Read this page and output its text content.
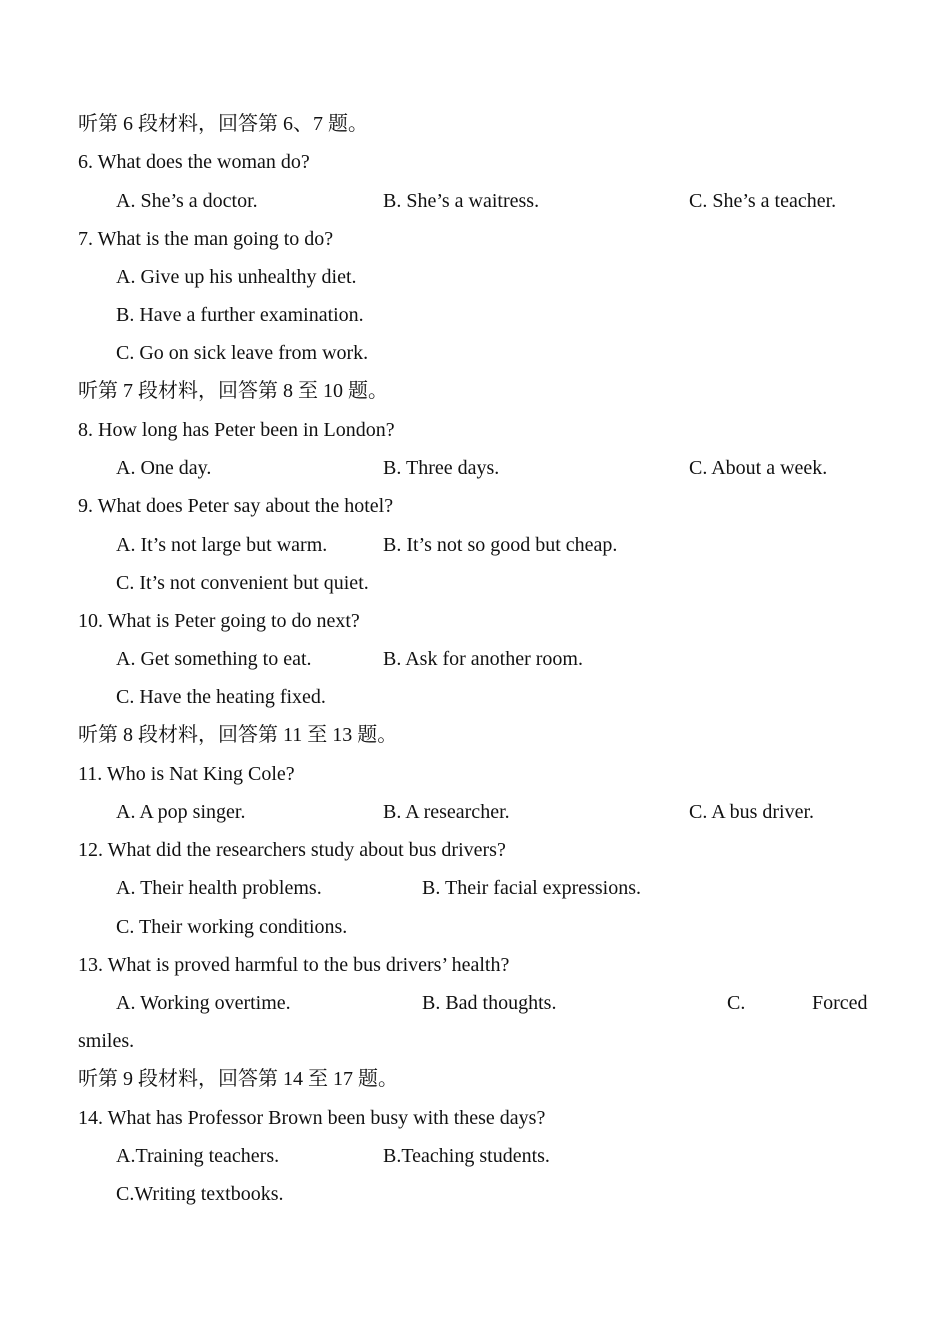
听第 6 段材料，回答第 6、7 题。
6. What does the woman do?
A. She’s a doctor.	B. She’s a waitress.	C. She’s a teacher.
7. What is the man going to do?
A. Give up his unhealthy diet.
B. Have a further examination.
C. Go on sick leave from work.
听第 7 段材料，回答第 8 至 10 题。
8. How long has Peter been in London?
A. One day.	B. Three days.	C. About a week.
9. What does Peter say about the hotel?
A. It’s not large but warm.	B. It’s not so good but cheap.
C. It’s not convenient but quiet.
10. What is Peter going to do next?
A. Get something to eat.	B. Ask for another room.
C. Have the heating fixed.
听第 8 段材料，回答第 11 至 13 题。
11. Who is Nat King Cole?
A. A pop singer.	B. A researcher.	C. A bus driver.
12. What did the researchers study about bus drivers?
A. Their health problems.	B. Their facial expressions.
C. Their working conditions.
13. What is proved harmful to the bus drivers’ health?
A. Working overtime.	B. Bad thoughts.	C.	Forced
smiles.
听第 9 段材料，回答第 14 至 17 题。
14. What has Professor Brown been busy with these days?
A.Training teachers.	B.Teaching students.
C.Writing textbooks.
